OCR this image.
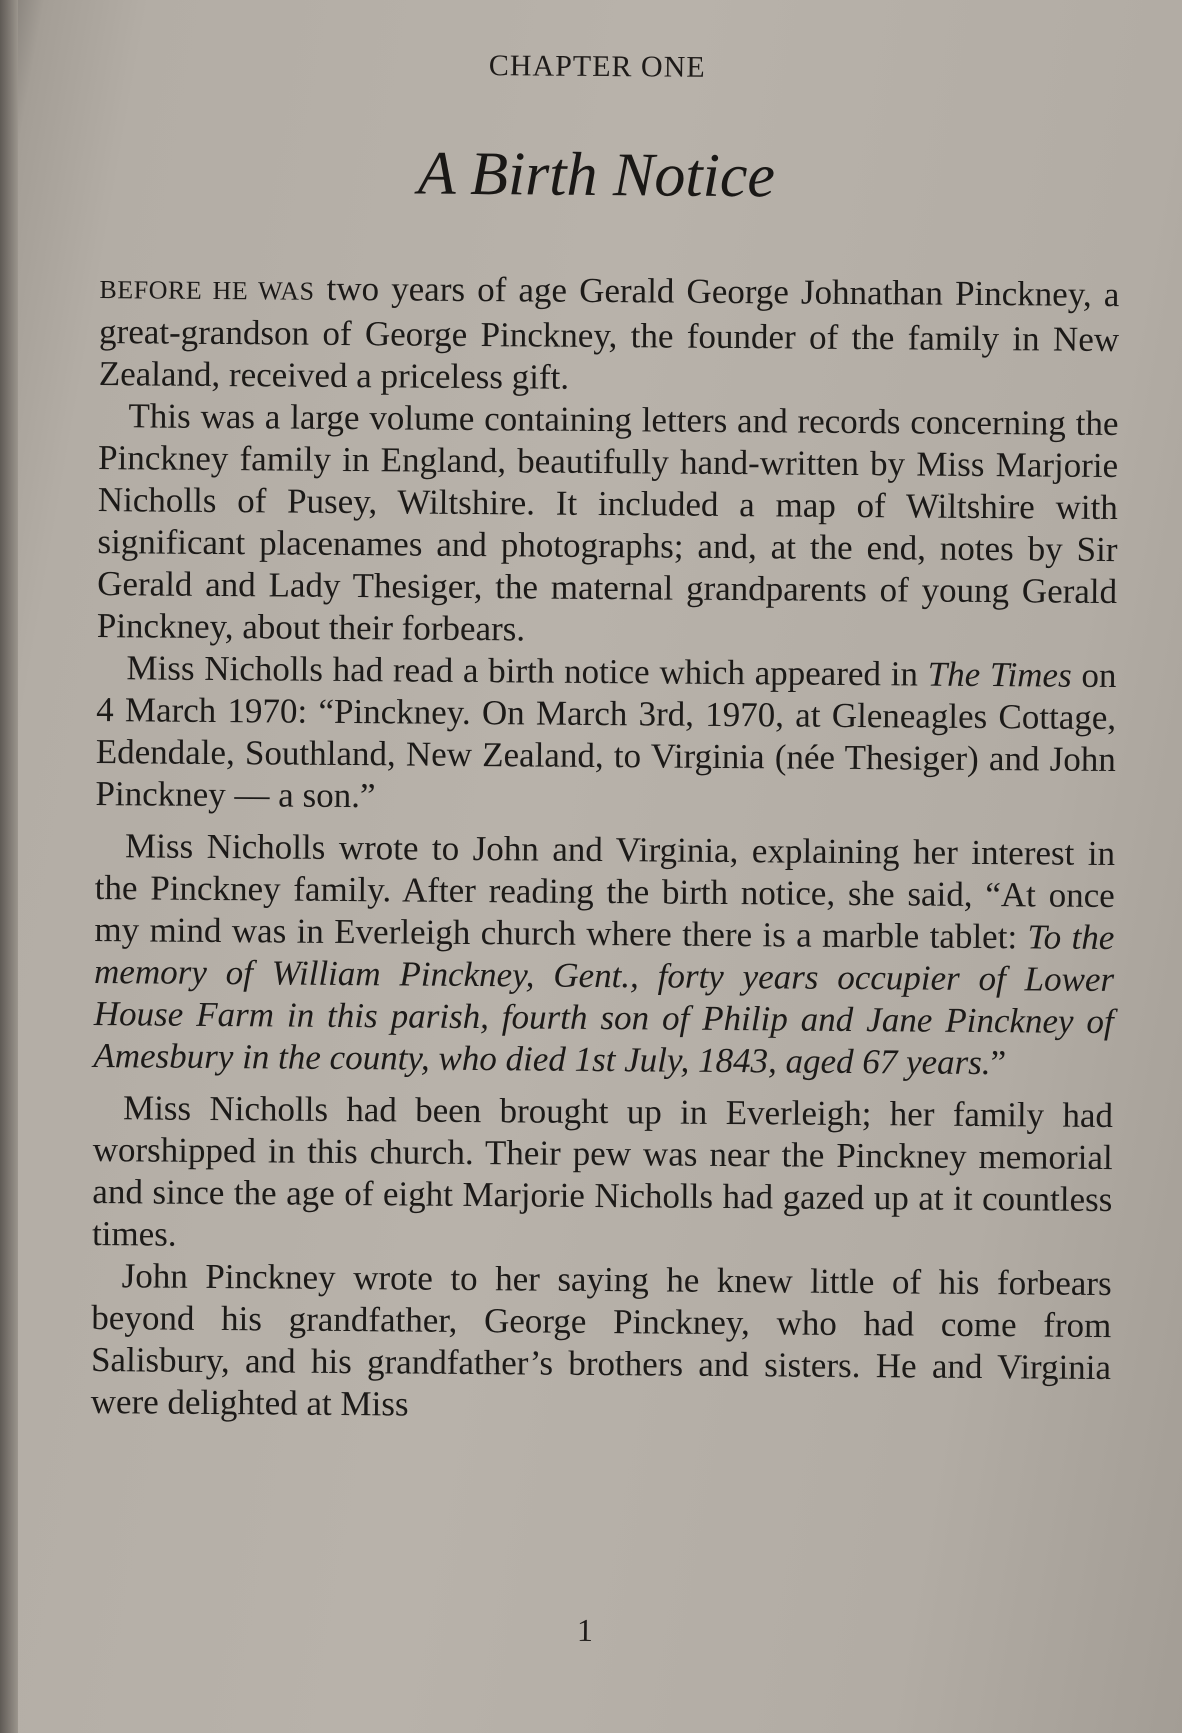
CHAPTER ONE
A Birth Notice

BEFORE HE WAS two years of age Gerald George Johnathan Pinckney, a great-grandson of George Pinckney, the founder of the family in New Zealand, received a priceless gift.

This was a large volume containing letters and records concerning the Pinckney family in England, beautifully hand-written by Miss Marjorie Nicholls of Pusey, Wiltshire. It included a map of Wiltshire with significant placenames and photographs; and, at the end, notes by Sir Gerald and Lady Thesiger, the maternal grandparents of young Gerald Pinckney, about their forbears.

Miss Nicholls had read a birth notice which appeared in The Times on 4 March 1970: “Pinckney. On March 3rd, 1970, at Gleneagles Cottage, Edendale, Southland, New Zealand, to Virginia (née Thesiger) and John Pinckney — a son.”

Miss Nicholls wrote to John and Virginia, explaining her interest in the Pinckney family. After reading the birth notice, she said, “At once my mind was in Everleigh church where there is a marble tablet: To the memory of William Pinckney, Gent., forty years occupier of Lower House Farm in this parish, fourth son of Philip and Jane Pinckney of Amesbury in the county, who died 1st July, 1843, aged 67 years.”

Miss Nicholls had been brought up in Everleigh; her family had worshipped in this church. Their pew was near the Pinckney memorial and since the age of eight Marjorie Nicholls had gazed up at it countless times.

John Pinckney wrote to her saying he knew little of his forbears beyond his grandfather, George Pinckney, who had come from Salisbury, and his grandfather’s brothers and sisters. He and Virginia were delighted at Miss

1
